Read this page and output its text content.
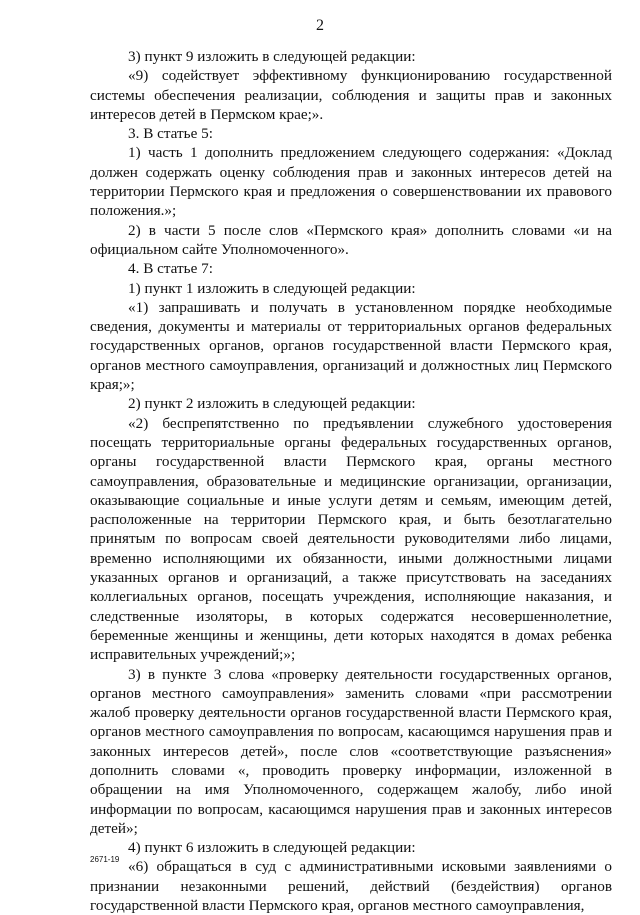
2

3) пункт 9 изложить в следующей редакции:

«9) содействует эффективному функционированию государственной системы обеспечения реализации, соблюдения и защиты прав и законных интересов детей в Пермском крае;».

3. В статье 5:

1) часть 1 дополнить предложением следующего содержания: «Доклад должен содержать оценку соблюдения прав и законных интересов детей на территории Пермского края и предложения о совершенствовании их правового положения.»;

2) в части 5 после слов «Пермского края» дополнить словами «и на официальном сайте Уполномоченного».

4. В статье 7:

1) пункт 1 изложить в следующей редакции:

«1) запрашивать и получать в установленном порядке необходимые сведения, документы и материалы от территориальных органов федеральных государственных органов, органов государственной власти Пермского края, органов местного самоуправления, организаций и должностных лиц Пермского края;»;

2) пункт 2 изложить в следующей редакции:

«2) беспрепятственно по предъявлении служебного удостоверения посещать территориальные органы федеральных государственных органов, органы государственной власти Пермского края, органы местного самоуправления, образовательные и медицинские организации, организации, оказывающие социальные и иные услуги детям и семьям, имеющим детей, расположенные на территории Пермского края, и быть безотлагательно принятым по вопросам своей деятельности руководителями либо лицами, временно исполняющими их обязанности, иными должностными лицами указанных органов и организаций, а также присутствовать на заседаниях коллегиальных органов, посещать учреждения, исполняющие наказания, и следственные изоляторы, в которых содержатся несовершеннолетние, беременные женщины и женщины, дети которых находятся в домах ребенка исправительных учреждений;»;

3) в пункте 3 слова «проверку деятельности государственных органов, органов местного самоуправления» заменить словами «при рассмотрении жалоб проверку деятельности органов государственной власти Пермского края, органов местного самоуправления по вопросам, касающимся нарушения прав и законных интересов детей», после слов «соответствующие разъяснения» дополнить словами «, проводить проверку информации, изложенной в обращении на имя Уполномоченного, содержащем жалобу, либо иной информации по вопросам, касающимся нарушения прав и законных интересов детей»;

4) пункт 6 изложить в следующей редакции:

«6) обращаться в суд с административными исковыми заявлениями о признании незаконными решений, действий (бездействия) органов государственной власти Пермского края, органов местного самоуправления,

2671-19
